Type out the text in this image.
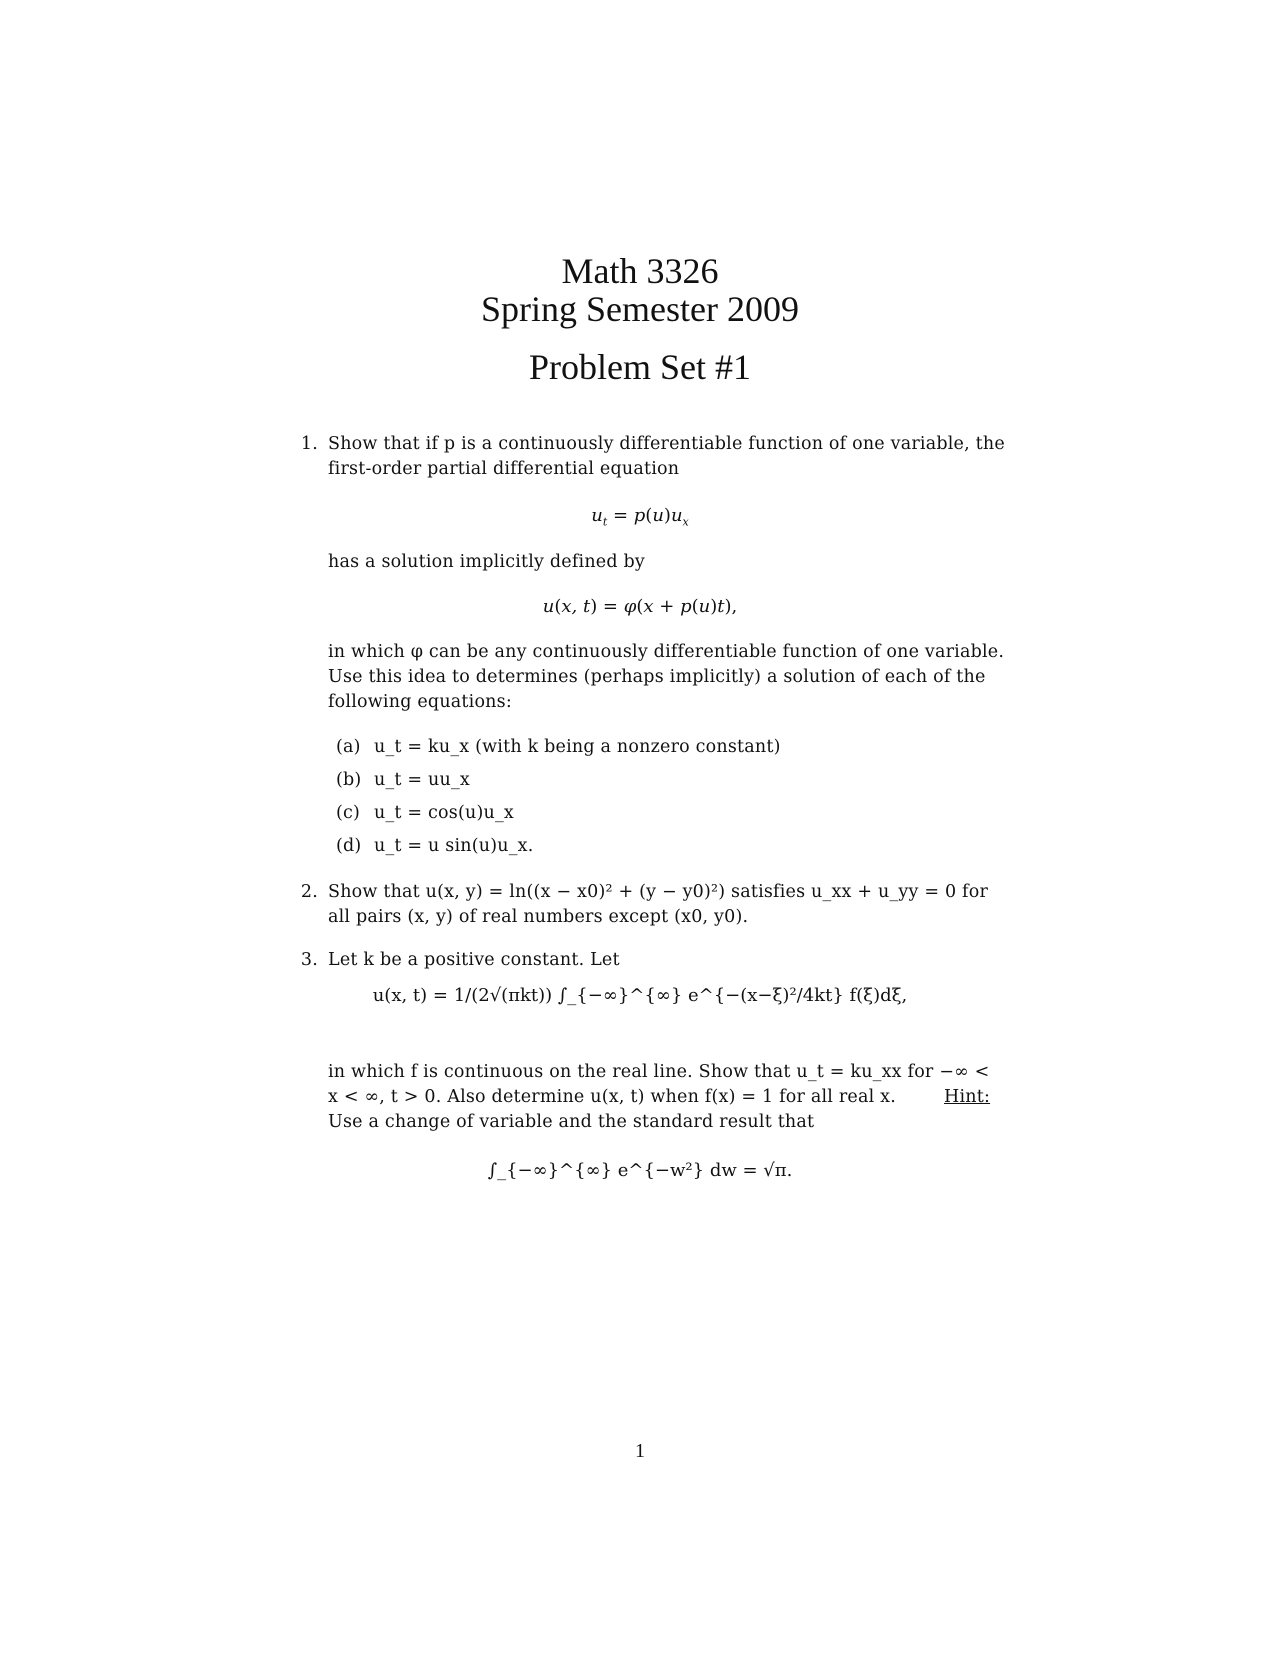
Math 3326
Spring Semester 2009
Problem Set #1
1. Show that if p is a continuously differentiable function of one variable, the
first-order partial differential equation
$u_t = p(u)u_x$
has a solution implicitly defined by
u(x, t) = φ(x + p(u)t),
in which φ can be any continuously differentiable function of one variable.
Use this idea to determines (perhaps implicitly) a solution of each of the
following equations:
(a) u_t = ku_x (with k being a nonzero constant)
(b) u_t = uu_x
(c) u_t = cos(u)u_x
(d) u_t = u sin(u)u_x.
2. Show that u(x, y) = ln((x − x0)² + (y − y0)²) satisfies u_xx + u_yy = 0 for
all pairs (x, y) of real numbers except (x0, y0).
3. Let k be a positive constant. Let
u(x, t) = 1/(2√(πkt)) ∫_{−∞}^{∞} e^{−(x−ξ)²/4kt} f(ξ)dξ,
in which f is continuous on the real line. Show that u_t = ku_xx for −∞ <
x < ∞, t > 0. Also determine u(x, t) when f(x) = 1 for all real x.	Hint:
Use a change of variable and the standard result that
∫_{−∞}^{∞} e^{−w²} dw = √π.
1
